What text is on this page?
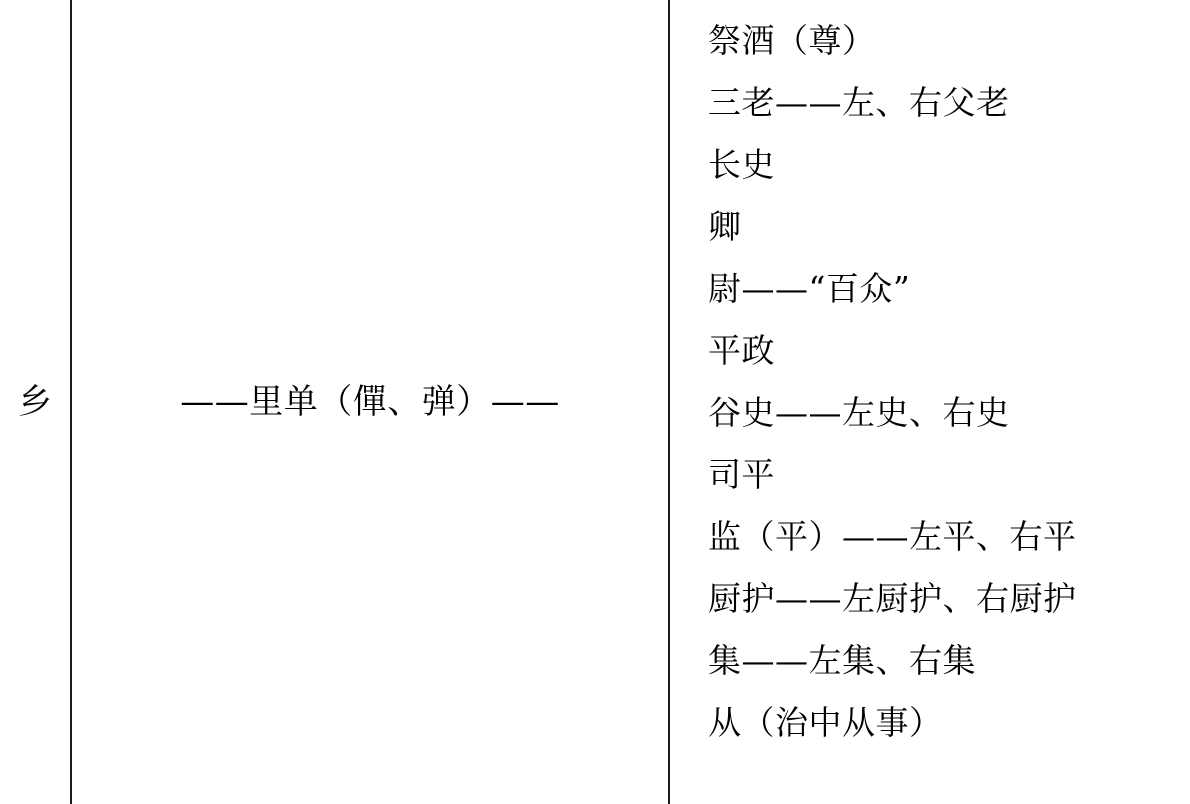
乡	——里单（僤、弹）——
祭酒（尊）
三老——左、右父老
长史
卿
尉——“百众”
平政
谷史——左史、右史
司平
监（平）——左平、右平
厨护——左厨护、右厨护
集——左集、右集
从（治中从事）
